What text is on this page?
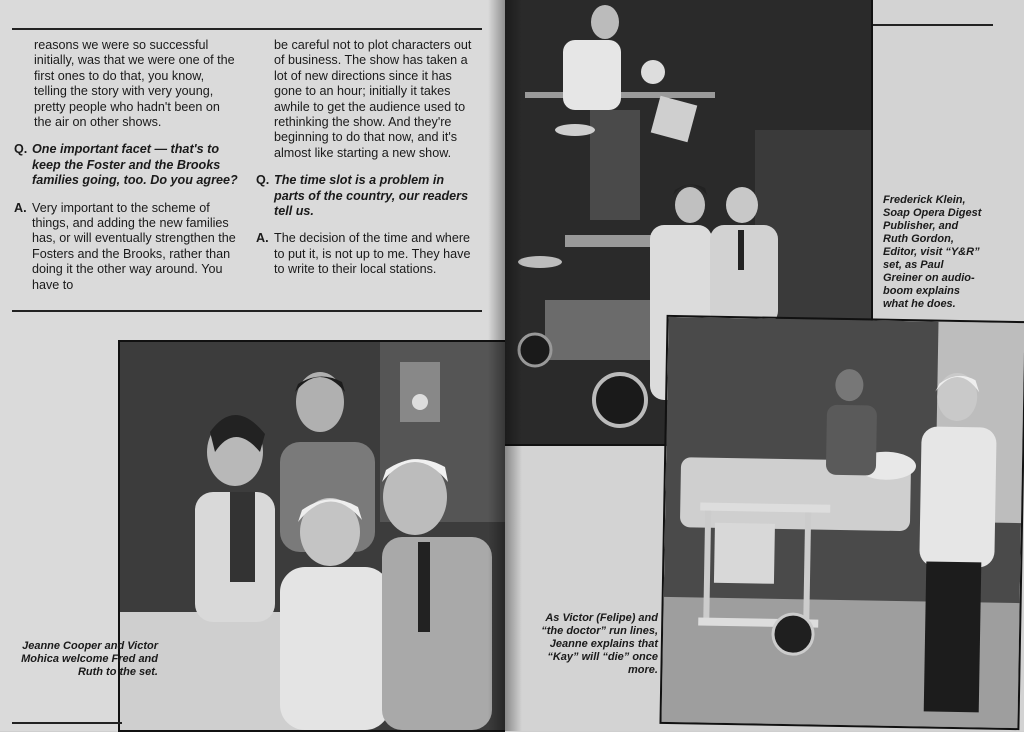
reasons we were so successful initially, was that we were one of the first ones to do that, you know, telling the story with very young, pretty people who hadn't been on the air on other shows.

Q. One important facet — that's to keep the Foster and the Brooks families going, too. Do you agree?

A. Very important to the scheme of things, and adding the new families has, or will eventually strengthen the Fosters and the Brooks, rather than doing it the other way around. You have to

be careful not to plot characters out of business. The show has taken a lot of new directions since it has gone to an hour; initially it takes awhile to get the audience used to rethinking the show. And they're beginning to do that now, and it's almost like starting a new show.

Q. The time slot is a problem in parts of the country, our readers tell us.

A. The decision of the time and where to put it, is not up to me. They have to write to their local stations.

Jeanne Cooper and Victor Mohica welcome Fred and Ruth to the set.
Frederick Klein, Soap Opera Digest Publisher, and Ruth Gordon, Editor, visit “Y&R” set, as Paul Greiner on audio-boom explains what he does.
As Victor (Felipe) and “the doctor” run lines, Jeanne explains that “Kay” will “die” once more.
